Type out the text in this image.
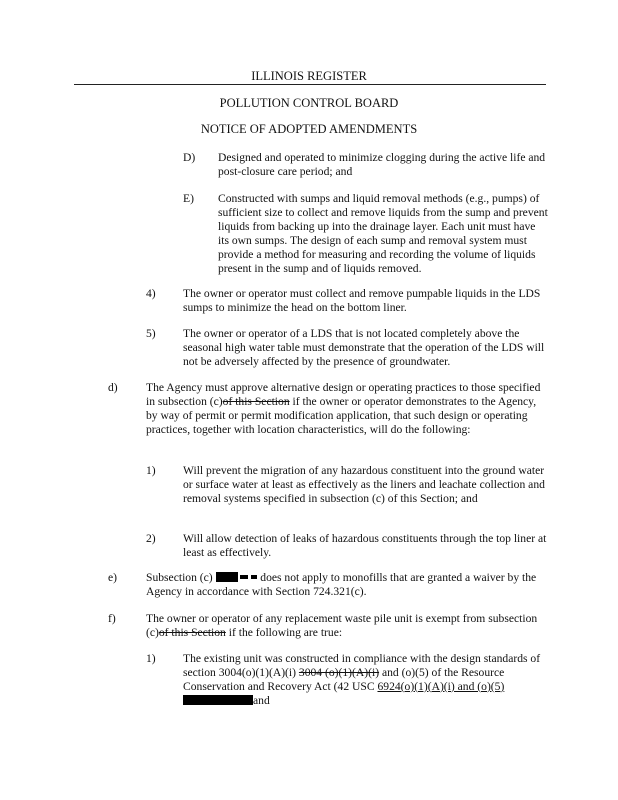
ILLINOIS REGISTER
POLLUTION CONTROL BOARD
NOTICE OF ADOPTED AMENDMENTS
D) Designed and operated to minimize clogging during the active life and post-closure care period; and
E) Constructed with sumps and liquid removal methods (e.g., pumps) of sufficient size to collect and remove liquids from the sump and prevent liquids from backing up into the drainage layer. Each unit must have its own sumps. The design of each sump and removal system must provide a method for measuring and recording the volume of liquids present in the sump and of liquids removed.
4) The owner or operator must collect and remove pumpable liquids in the LDS sumps to minimize the head on the bottom liner.
5) The owner or operator of a LDS that is not located completely above the seasonal high water table must demonstrate that the operation of the LDS will not be adversely affected by the presence of groundwater.
d) The Agency must approve alternative design or operating practices to those specified in subsection (c)of this Section if the owner or operator demonstrates to the Agency, by way of permit or permit modification application, that such design or operating practices, together with location characteristics, will do the following:
1) Will prevent the migration of any hazardous constituent into the ground water or surface water at least as effectively as the liners and leachate collection and removal systems specified in subsection (c) of this Section; and
2) Will allow detection of leaks of hazardous constituents through the top liner at least as effectively.
e) Subsection (c)	does not apply to monofills that are granted a waiver by the Agency in accordance with Section 724.321(c).
f)	The owner or operator of any replacement waste pile unit is exempt from subsection (c)of this Section if the following are true:
1) The existing unit was constructed in compliance with the design standards of section 3004(o)(1)(A)(i) 3004 (o)(1)(A)(i) and (o)(5) of the Resource Conservation and Recovery Act (42 USC 6924(o)(1)(A)(i) and (o)(5)
and
